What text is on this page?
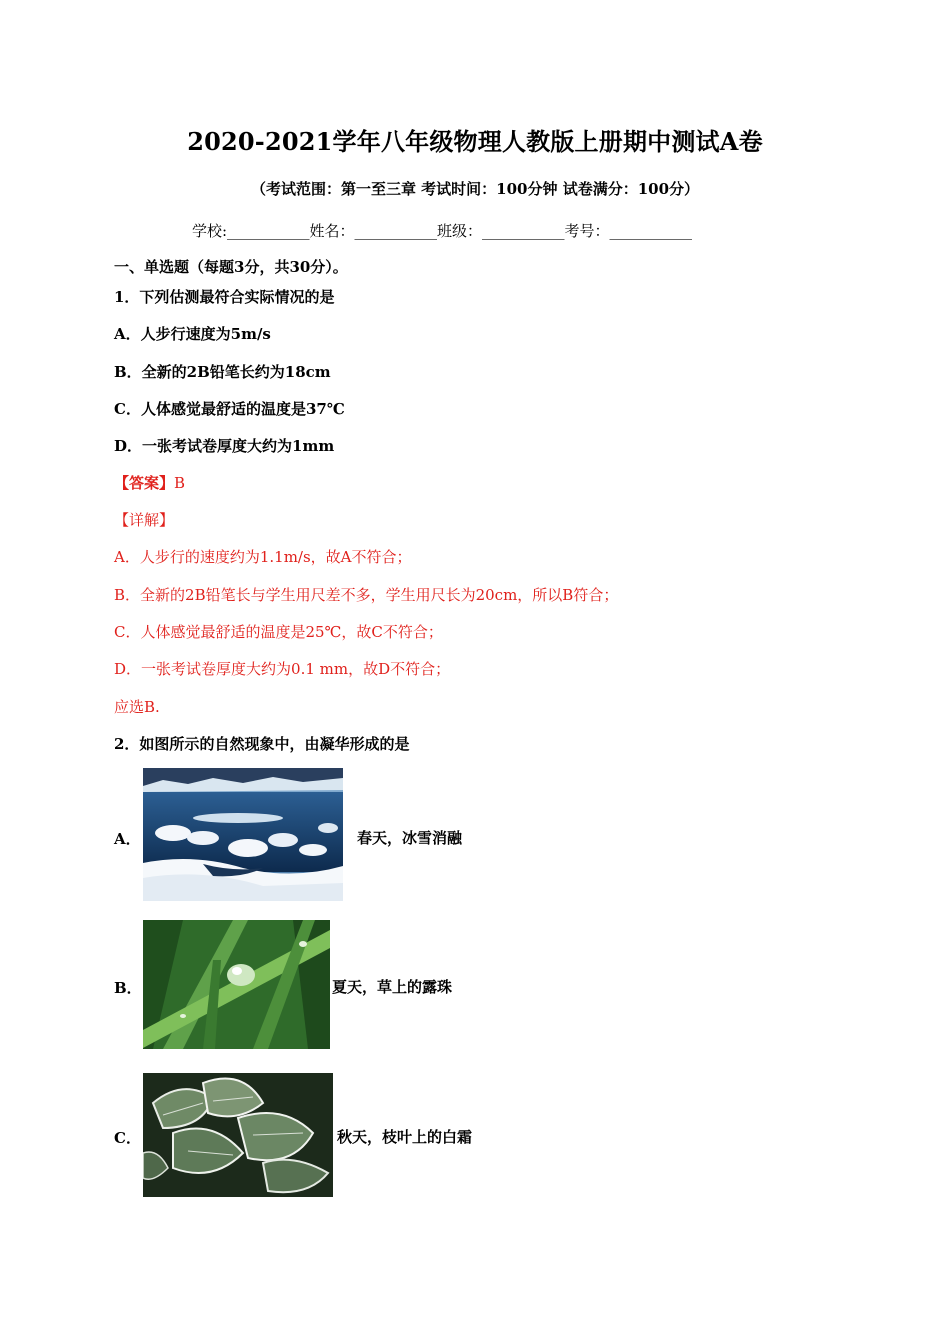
2020-2021学年八年级物理人教版上册期中测试A卷
（考试范围：第一至三章 考试时间：100分钟 试卷满分：100分）
学校:___________姓名：___________班级：___________考号：___________
一、单选题（每题3分，共30分）。
1．下列估测最符合实际情况的是
A．人步行速度为5m/s
B．全新的2B铅笔长约为18cm
C．人体感觉最舒适的温度是37℃
D．一张考试卷厚度大约为1mm
【答案】B
【详解】
A．人步行的速度约为1.1m/s，故A不符合；
B．全新的2B铅笔长与学生用尺差不多，学生用尺长为20cm，所以B符合；
C．人体感觉最舒适的温度是25℃，故C不符合；
D．一张考试卷厚度大约为0.1 mm，故D不符合；
应选B.
2．如图所示的自然现象中，由凝华形成的是
A．	春天，冰雪消融
B．	夏天，草上的露珠
C．	秋天，枝叶上的白霜
